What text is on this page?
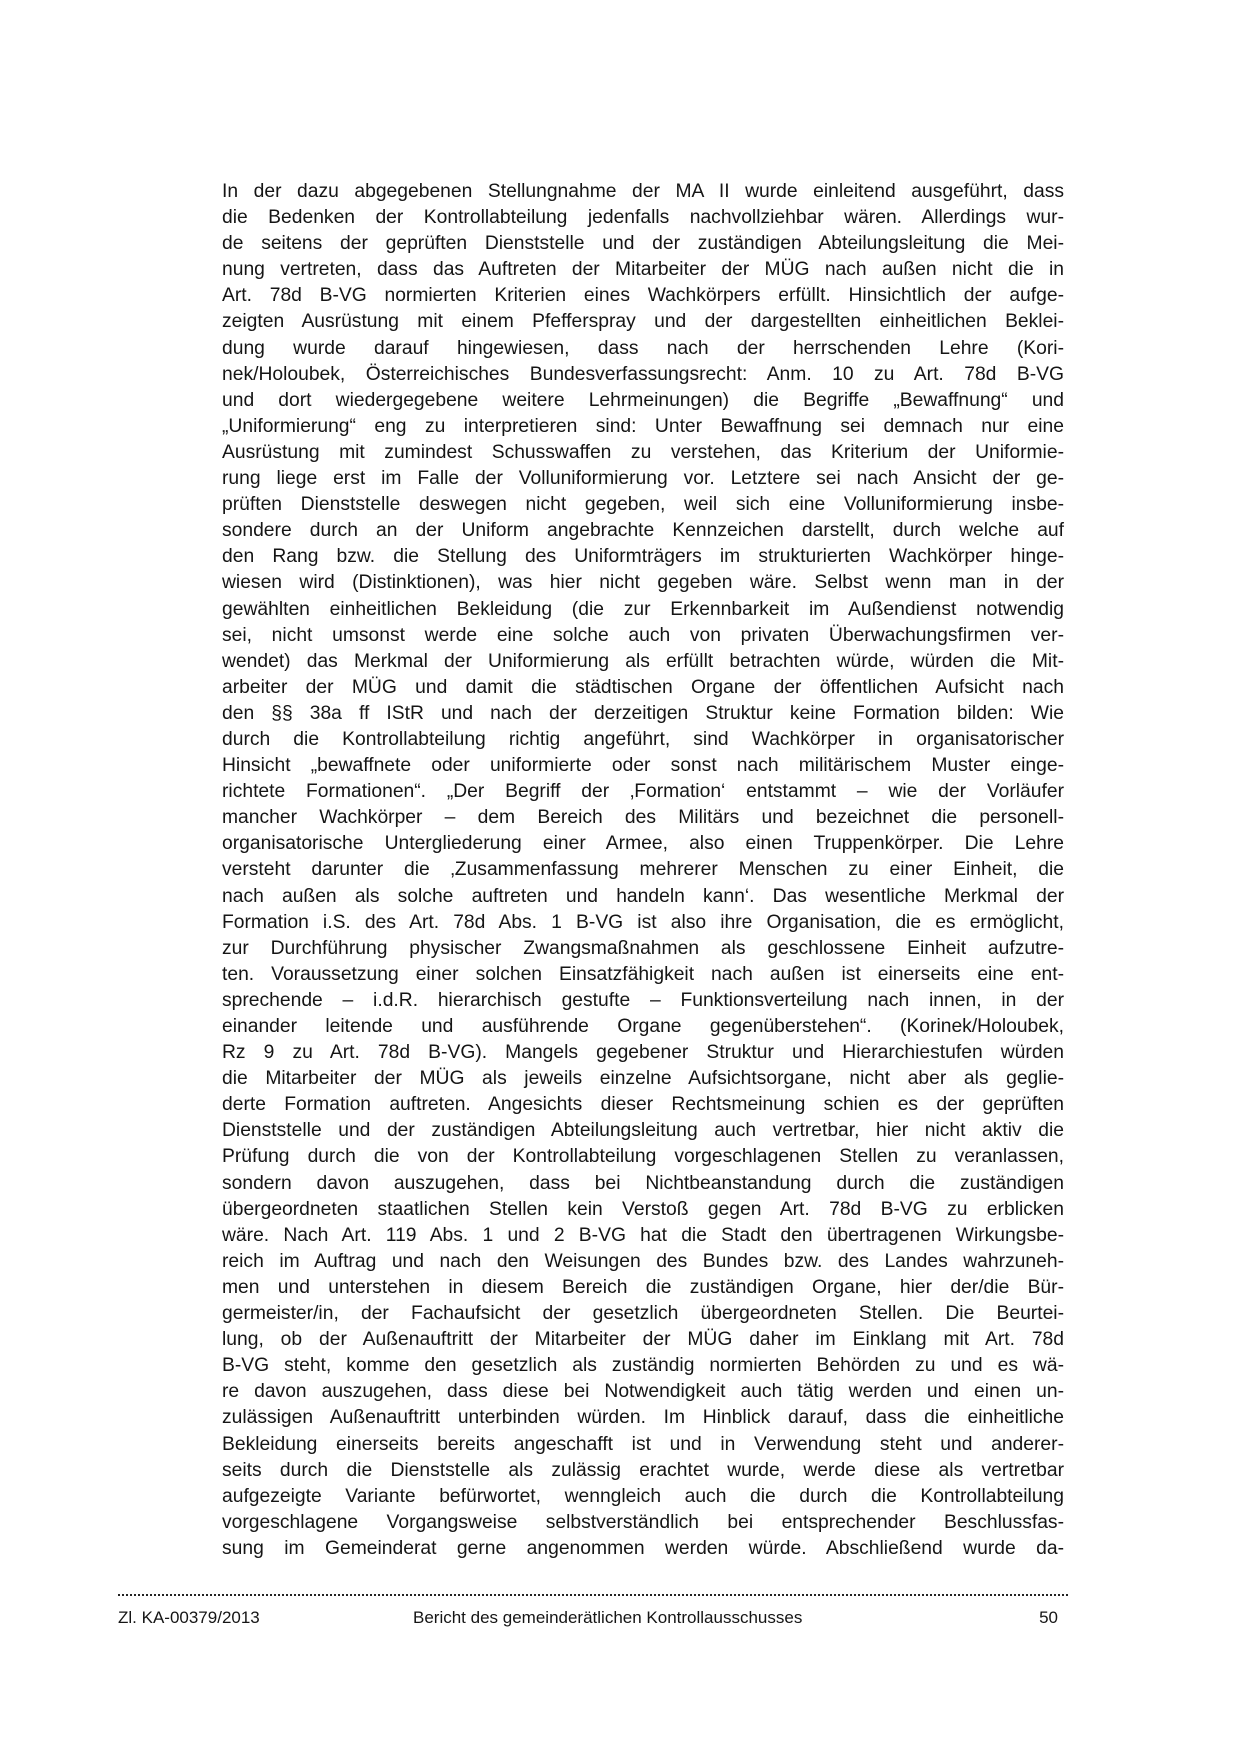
In der dazu abgegebenen Stellungnahme der MA II wurde einleitend ausgeführt, dass
die Bedenken der Kontrollabteilung jedenfalls nachvollziehbar wären. Allerdings wur-
de seitens der geprüften Dienststelle und der zuständigen Abteilungsleitung die Mei-
nung vertreten, dass das Auftreten der Mitarbeiter der MÜG nach außen nicht die in
Art. 78d B-VG normierten Kriterien eines Wachkörpers erfüllt. Hinsichtlich der aufge-
zeigten Ausrüstung mit einem Pfefferspray und der dargestellten einheitlichen Beklei-
dung wurde darauf hingewiesen, dass nach der herrschenden Lehre (Kori-
nek/Holoubek, Österreichisches Bundesverfassungsrecht: Anm. 10 zu Art. 78d B-VG
und dort wiedergegebene weitere Lehrmeinungen) die Begriffe „Bewaffnung“ und
„Uniformierung“ eng zu interpretieren sind: Unter Bewaffnung sei demnach nur eine
Ausrüstung mit zumindest Schusswaffen zu verstehen, das Kriterium der Uniformie-
rung liege erst im Falle der Volluniformierung vor. Letztere sei nach Ansicht der ge-
prüften Dienststelle deswegen nicht gegeben, weil sich eine Volluniformierung insbe-
sondere durch an der Uniform angebrachte Kennzeichen darstellt, durch welche auf
den Rang bzw. die Stellung des Uniformträgers im strukturierten Wachkörper hinge-
wiesen wird (Distinktionen), was hier nicht gegeben wäre. Selbst wenn man in der
gewählten einheitlichen Bekleidung (die zur Erkennbarkeit im Außendienst notwendig
sei, nicht umsonst werde eine solche auch von privaten Überwachungsfirmen ver-
wendet) das Merkmal der Uniformierung als erfüllt betrachten würde, würden die Mit-
arbeiter der MÜG und damit die städtischen Organe der öffentlichen Aufsicht nach
den §§ 38a ff IStR und nach der derzeitigen Struktur keine Formation bilden: Wie
durch die Kontrollabteilung richtig angeführt, sind Wachkörper in organisatorischer
Hinsicht „bewaffnete oder uniformierte oder sonst nach militärischem Muster einge-
richtete Formationen“. „Der Begriff der ‚Formation‘ entstammt – wie der Vorläufer
mancher Wachkörper – dem Bereich des Militärs und bezeichnet die personell-
organisatorische Untergliederung einer Armee, also einen Truppenkörper. Die Lehre
versteht darunter die ‚Zusammenfassung mehrerer Menschen zu einer Einheit, die
nach außen als solche auftreten und handeln kann‘. Das wesentliche Merkmal der
Formation i.S. des Art. 78d Abs. 1 B-VG ist also ihre Organisation, die es ermöglicht,
zur Durchführung physischer Zwangsmaßnahmen als geschlossene Einheit aufzutre-
ten. Voraussetzung einer solchen Einsatzfähigkeit nach außen ist einerseits eine ent-
sprechende – i.d.R. hierarchisch gestufte – Funktionsverteilung nach innen, in der
einander leitende und ausführende Organe gegenüberstehen“. (Korinek/Holoubek,
Rz 9 zu Art. 78d B-VG). Mangels gegebener Struktur und Hierarchiestufen würden
die Mitarbeiter der MÜG als jeweils einzelne Aufsichtsorgane, nicht aber als geglie-
derte Formation auftreten. Angesichts dieser Rechtsmeinung schien es der geprüften
Dienststelle und der zuständigen Abteilungsleitung auch vertretbar, hier nicht aktiv die
Prüfung durch die von der Kontrollabteilung vorgeschlagenen Stellen zu veranlassen,
sondern davon auszugehen, dass bei Nichtbeanstandung durch die zuständigen
übergeordneten staatlichen Stellen kein Verstoß gegen Art. 78d B-VG zu erblicken
wäre. Nach Art. 119 Abs. 1 und 2 B-VG hat die Stadt den übertragenen Wirkungsbe-
reich im Auftrag und nach den Weisungen des Bundes bzw. des Landes wahrzuneh-
men und unterstehen in diesem Bereich die zuständigen Organe, hier der/die Bür-
germeister/in, der Fachaufsicht der gesetzlich übergeordneten Stellen. Die Beurtei-
lung, ob der Außenauftritt der Mitarbeiter der MÜG daher im Einklang mit Art. 78d
B-VG steht, komme den gesetzlich als zuständig normierten Behörden zu und es wä-
re davon auszugehen, dass diese bei Notwendigkeit auch tätig werden und einen un-
zulässigen Außenauftritt unterbinden würden. Im Hinblick darauf, dass die einheitliche
Bekleidung einerseits bereits angeschafft ist und in Verwendung steht und anderer-
seits durch die Dienststelle als zulässig erachtet wurde, werde diese als vertretbar
aufgezeigte Variante befürwortet, wenngleich auch die durch die Kontrollabteilung
vorgeschlagene Vorgangsweise selbstverständlich bei entsprechender Beschlussfas-
sung im Gemeinderat gerne angenommen werden würde. Abschließend wurde da-
Zl. KA-00379/2013	Bericht des gemeinderätlichen Kontrollausschusses	50
